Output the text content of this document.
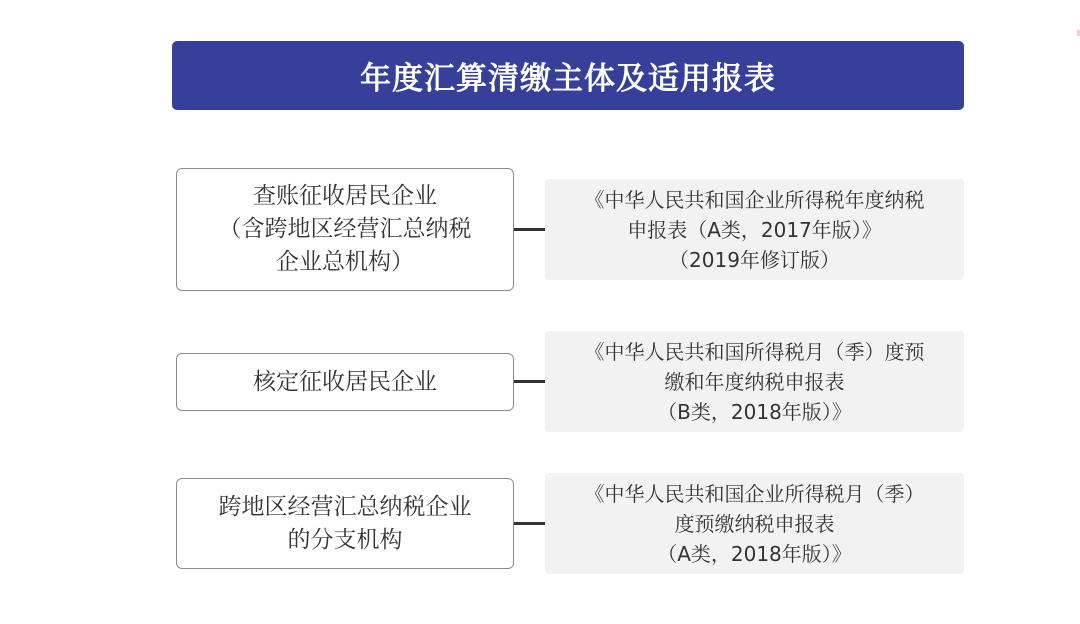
年度汇算清缴主体及适用报表
查账征收居民企业
（含跨地区经营汇总纳税
企业总机构）
《中华人民共和国企业所得税年度纳税
申报表（A类，2017年版）》
（2019年修订版）
核定征收居民企业
《中华人民共和国所得税月（季）度预
缴和年度纳税申报表
（B类，2018年版）》
跨地区经营汇总纳税企业
的分支机构
《中华人民共和国企业所得税月（季）
度预缴纳税申报表
（A类，2018年版）》
